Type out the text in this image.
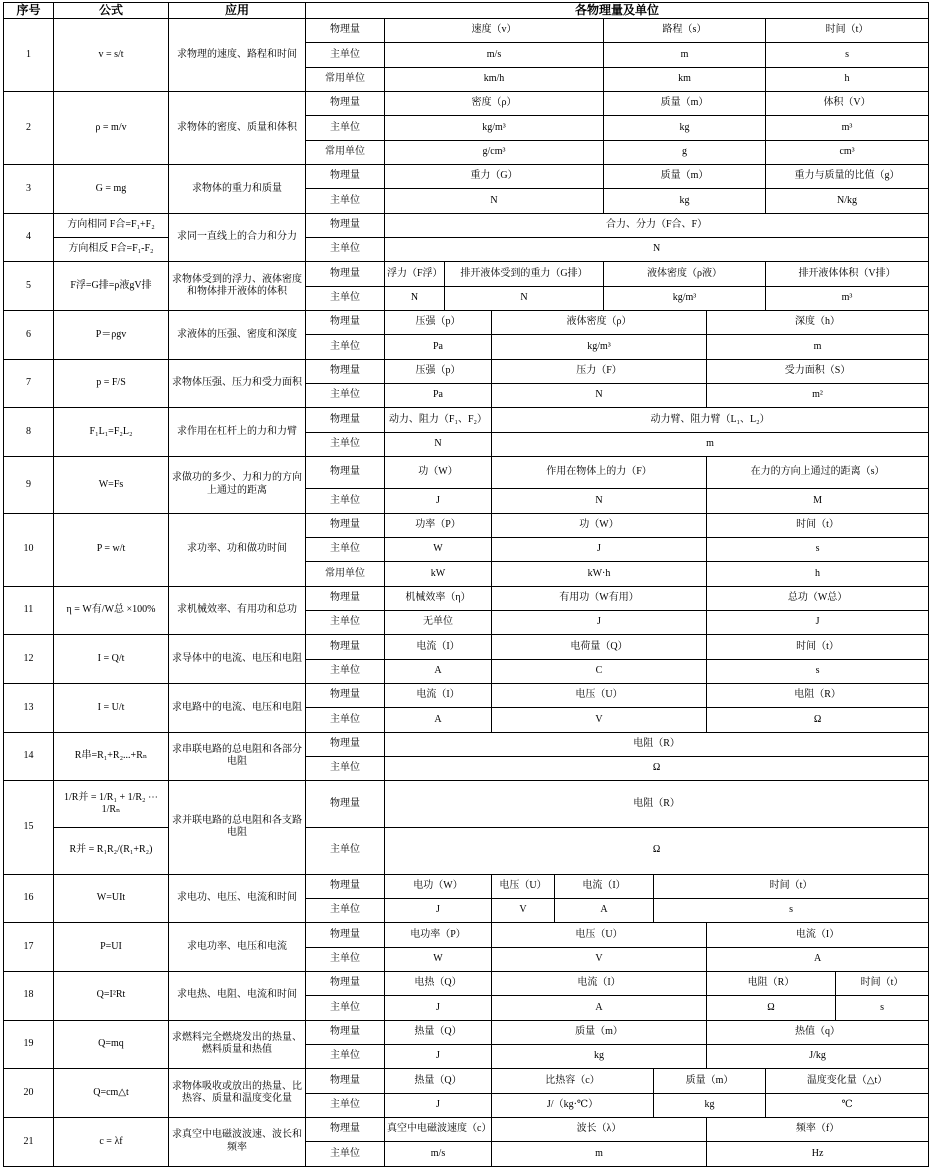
序号	公式	应用	各物理量及单位									
1	v = s/t	求物理的速度、路程和时间	物理量	速度（v）				路程（s）			时间（t）	
			主单位	m/s				m			s	
			常用单位	km/h				km			h	
2	ρ = m/v	求物体的密度、质量和体积	物理量	密度（ρ）				质量（m）			体积（V）	
			主单位	kg/m³				kg			m³	
			常用单位	g/cm³				g			cm³	
3	G = mg	求物体的重力和质量	物理量	重力（G）				质量（m）			重力与质量的比值（g）	
			主单位	N				kg			N/kg	
4	方向相同 F合=F₁+F₂	求同一直线上的合力和分力	物理量	合力、分力（F合、F）								
	方向相反 F合=F₁-F₂		主单位	N								
5	F浮=G排=ρ液gV排	求物体受到的浮力、液体密度和物体排开液体的体积	物理量	浮力（F浮）	排开液体受到的重力（G排）			液体密度（ρ液）			排开液体体积（V排）	
			主单位	N	N			kg/m³			m³	
6	P＝ρgv	求液体的压强、密度和深度	物理量	压强（p）		液体密度（ρ）				深度（h）		
			主单位	Pa		kg/m³				m		
7	p = F/S	求物体压强、压力和受力面积	物理量	压强（p）		压力（F）				受力面积（S）		
			主单位	Pa		N				m²		
8	F₁L₁=F₂L₂	求作用在杠杆上的力和力臂	物理量	动力、阻力（F₁、F₂）		动力臂、阻力臂（L₁、L₂）						
			主单位	N		m						
9	W=Fs	求做功的多少、力和力的方向上通过的距离	物理量	功（W）		作用在物体上的力（F）				在力的方向上通过的距离（s）		
			主单位	J		N				M		
10	P = w/t	求功率、功和做功时间	物理量	功率（P）		功（W）				时间（t）		
			主单位	W		J				s		
			常用单位	kW		kW·h				h		
11	η = W有/W总 ×100%	求机械效率、有用功和总功	物理量	机械效率（η）		有用功（W有用）				总功（W总）		
			主单位	无单位		J				J		
12	I = Q/t	求导体中的电流、电压和电阻	物理量	电流（I）		电荷量（Q）				时间（t）		
			主单位	A		C				s		
13	I = U/t	求电路中的电流、电压和电阻	物理量	电流（I）		电压（U）				电阻（R）		
			主单位	A		V				Ω		
14	R串=R₁+R₂...+Rₙ	求串联电路的总电阻和各部分电阻	物理量	电阻（R）								
			主单位	Ω								
15	1/R并 = 1/R₁ + 1/R₂ ⋯ 1/Rₙ	求并联电路的总电阻和各支路电阻	物理量	电阻（R）								
	R并 = R₁R₂/(R₁+R₂)		主单位	Ω								
16	W=UIt	求电功、电压、电流和时间	物理量	电功（W）		电压（U）	电流（I）		时间（t）			
			主单位	J		V	A		s			
17	P=UI	求电功率、电压和电流	物理量	电功率（P）		电压（U）				电流（I）		
			主单位	W		V				A		
18	Q=I²Rt	求电热、电阻、电流和时间	物理量	电热（Q）		电流（I）				电阻（R）		时间（t）
			主单位	J		A				Ω		s
19	Q=mq	求燃料完全燃烧发出的热量、燃料质量和热值	物理量	热量（Q）		质量（m）				热值（q）		
			主单位	J		kg				J/kg		
20	Q=cm△t	求物体吸收或放出的热量、比热容、质量和温度变化量	物理量	热量（Q）		比热容（c）			质量（m）		温度变化量（△t）	
			主单位	J		J/（kg·℃）			kg		℃	
21	c = λf	求真空中电磁波波速、波长和频率	物理量	真空中电磁波速度（c）		波长（λ）				频率（f）		
			主单位	m/s		m				Hz		
